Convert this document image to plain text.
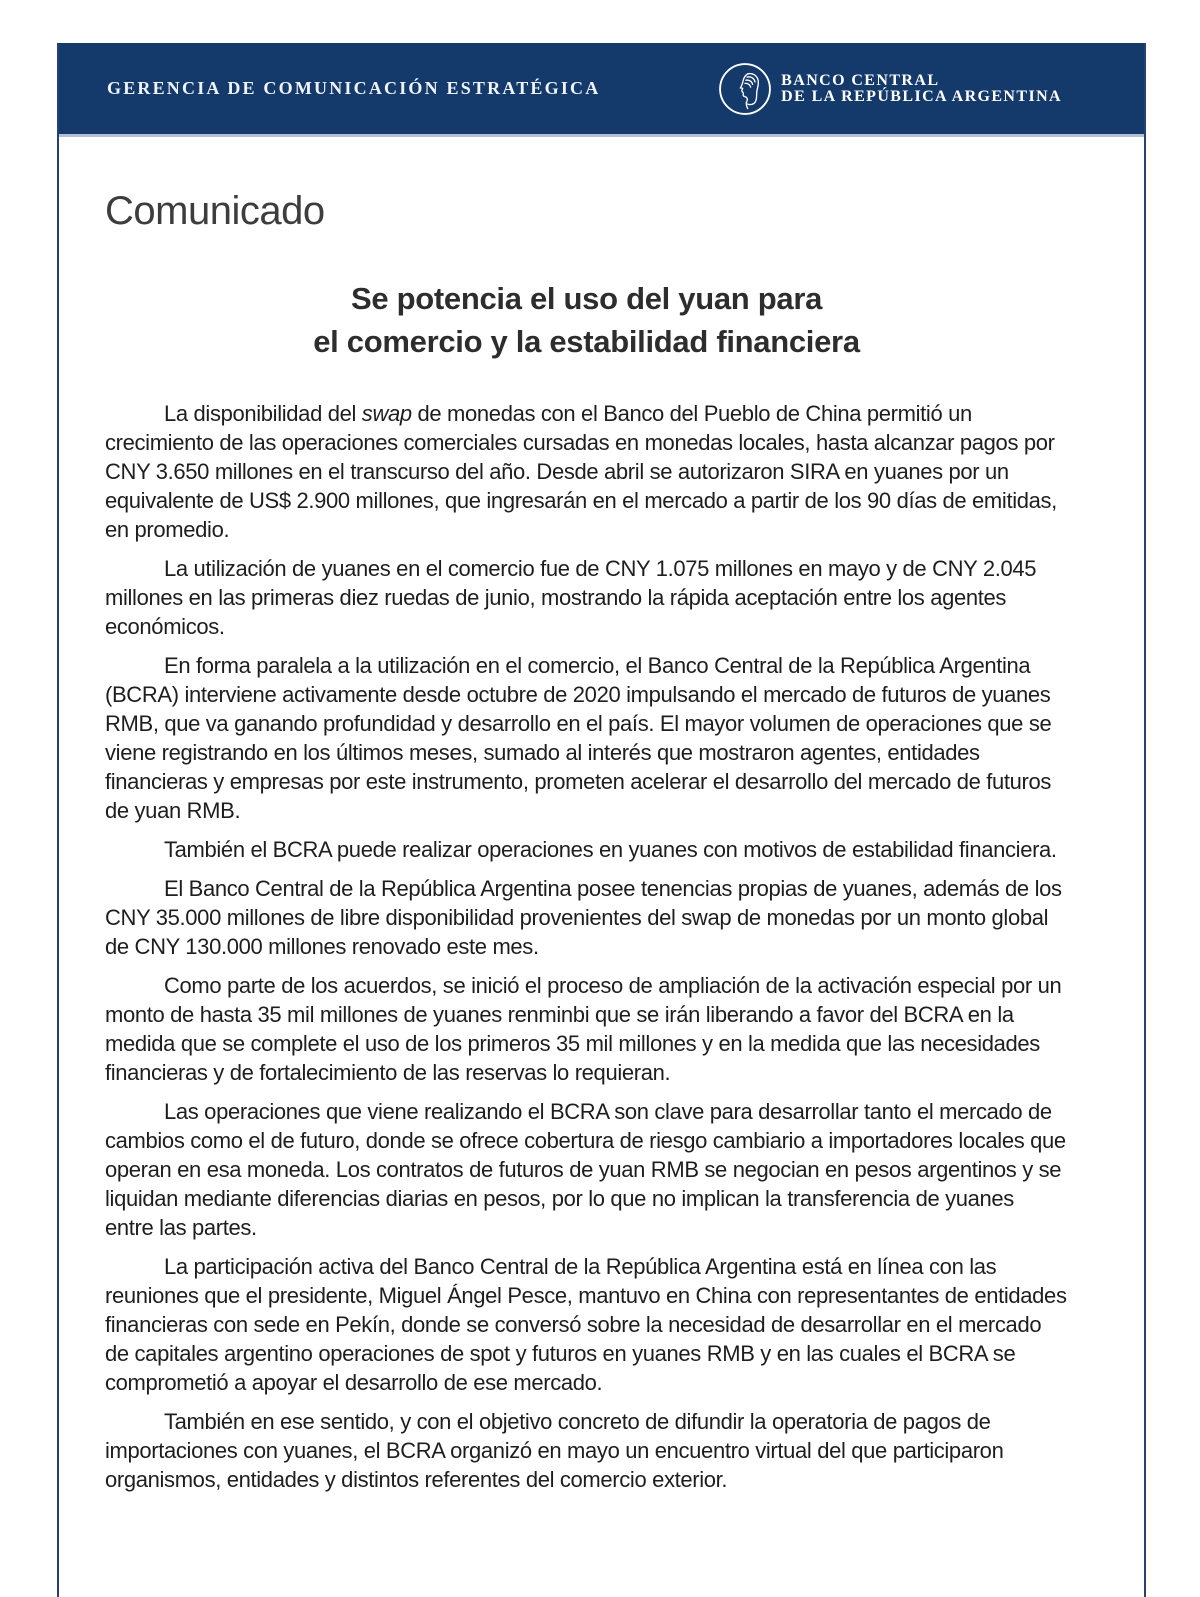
GERENCIA DE COMUNICACIÓN ESTRATÉGICA	BANCO CENTRAL
DE LA REPÚBLICA ARGENTINA
Comunicado
Se potencia el uso del yuan para
el comercio y la estabilidad financiera

La disponibilidad del swap de monedas con el Banco del Pueblo de China permitió un crecimiento de las operaciones comerciales cursadas en monedas locales, hasta alcanzar pagos por CNY 3.650 millones en el transcurso del año. Desde abril se autorizaron SIRA en yuanes por un equivalente de US$ 2.900 millones, que ingresarán en el mercado a partir de los 90 días de emitidas, en promedio.

La utilización de yuanes en el comercio fue de CNY 1.075 millones en mayo y de CNY 2.045 millones en las primeras diez ruedas de junio, mostrando la rápida aceptación entre los agentes económicos.

En forma paralela a la utilización en el comercio, el Banco Central de la República Argentina (BCRA) interviene activamente desde octubre de 2020 impulsando el mercado de futuros de yuanes RMB, que va ganando profundidad y desarrollo en el país. El mayor volumen de operaciones que se viene registrando en los últimos meses, sumado al interés que mostraron agentes, entidades financieras y empresas por este instrumento, prometen acelerar el desarrollo del mercado de futuros de yuan RMB.

También el BCRA puede realizar operaciones en yuanes con motivos de estabilidad financiera.

El Banco Central de la República Argentina posee tenencias propias de yuanes, además de los CNY 35.000 millones de libre disponibilidad provenientes del swap de monedas por un monto global de CNY 130.000 millones renovado este mes.

Como parte de los acuerdos, se inició el proceso de ampliación de la activación especial por un monto de hasta 35 mil millones de yuanes renminbi que se irán liberando a favor del BCRA en la medida que se complete el uso de los primeros 35 mil millones y en la medida que las necesidades financieras y de fortalecimiento de las reservas lo requieran.

Las operaciones que viene realizando el BCRA son clave para desarrollar tanto el mercado de cambios como el de futuro, donde se ofrece cobertura de riesgo cambiario a importadores locales que operan en esa moneda. Los contratos de futuros de yuan RMB se negocian en pesos argentinos y se liquidan mediante diferencias diarias en pesos, por lo que no implican la transferencia de yuanes entre las partes.

La participación activa del Banco Central de la República Argentina está en línea con las reuniones que el presidente, Miguel Ángel Pesce, mantuvo en China con representantes de entidades financieras con sede en Pekín, donde se conversó sobre la necesidad de desarrollar en el mercado de capitales argentino operaciones de spot y futuros en yuanes RMB y en las cuales el BCRA se comprometió a apoyar el desarrollo de ese mercado.

También en ese sentido, y con el objetivo concreto de difundir la operatoria de pagos de importaciones con yuanes, el BCRA organizó en mayo un encuentro virtual del que participaron organismos, entidades y distintos referentes del comercio exterior.
